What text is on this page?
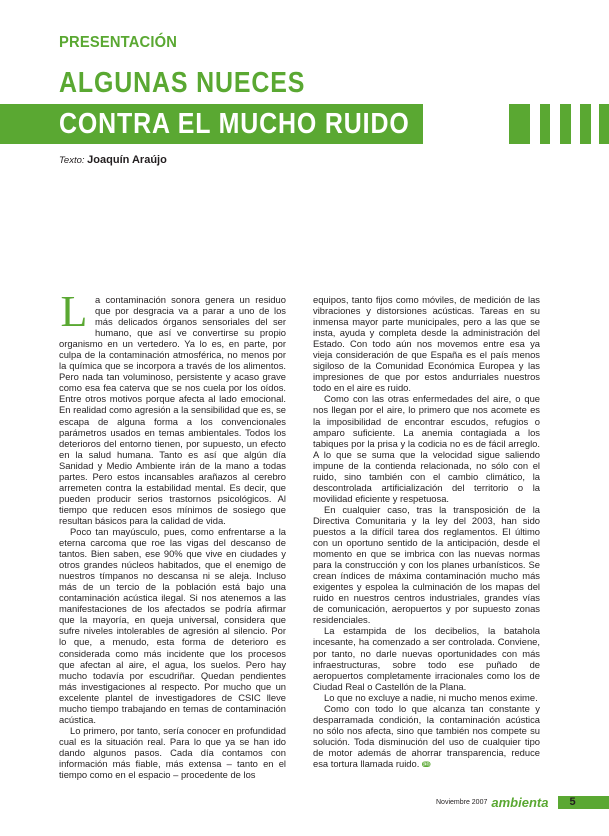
PRESENTACIÓN
ALGUNAS NUECES
CONTRA EL MUCHO RUIDO
Texto: Joaquín Araújo

La contaminación sonora genera un residuo que por desgracia va a parar a uno de los más delicados órganos sensoriales del ser humano, que así ve convertirse su propio organismo en un vertedero. Ya lo es, en parte, por culpa de la contaminación atmosférica, no menos por la química que se incorpora a través de los alimentos. Pero nada tan voluminoso, persistente y acaso grave como esa fea caterva que se nos cuela por los oídos. Entre otros motivos porque afecta al lado emocional. En realidad como agresión a la sensibilidad que es, se escapa de alguna forma a los convencionales parámetros usados en temas ambientales. Todos los deterioros del entorno tienen, por supuesto, un efecto en la salud humana. Tanto es así que algún día Sanidad y Medio Ambiente irán de la mano a todas partes. Pero estos incansables arañazos al cerebro arremeten contra la estabilidad mental. Es decir, que pueden producir serios trastornos psicológicos. Al tiempo que reducen esos mínimos de sosiego que resultan básicos para la calidad de vida.

Poco tan mayúsculo, pues, como enfrentarse a la eterna carcoma que roe las vigas del descanso de tantos. Bien saben, ese 90% que vive en ciudades y otros grandes núcleos habitados, que el enemigo de nuestros tímpanos no descansa ni se aleja. Incluso más de un tercio de la población está bajo una contaminación acústica ilegal. Si nos atenemos a las manifestaciones de los afectados se podría afirmar que la mayoría, en queja universal, considera que sufre niveles intolerables de agresión al silencio. Por lo que, a menudo, esta forma de deterioro es considerada como más incidente que los procesos que afectan al aire, el agua, los suelos. Pero hay mucho todavía por escudriñar. Quedan pendientes más investigaciones al respecto. Por mucho que un excelente plantel de investigadores de CSIC lleve mucho tiempo trabajando en temas de contaminación acústica.

Lo primero, por tanto, sería conocer en profundidad cual es la situación real. Para lo que ya se han ido dando algunos pasos. Cada día contamos con información más fiable, más extensa – tanto en el tiempo como en el espacio – procedente de los

equipos, tanto fijos como móviles, de medición de las vibraciones y distorsiones acústicas. Tareas en su inmensa mayor parte municipales, pero a las que se insta, ayuda y completa desde la administración del Estado. Con todo aún nos movemos entre esa ya vieja consideración de que España es el país menos sigiloso de la Comunidad Económica Europea y las impresiones de que por estos andurriales nuestros todo en el aire es ruido.

Como con las otras enfermedades del aire, o que nos llegan por el aire, lo primero que nos acomete es la imposibilidad de encontrar escudos, refugios o amparo suficiente. La anemia contagiada a los tabiques por la prisa y la codicia no es de fácil arreglo. A lo que se suma que la velocidad sigue saliendo impune de la contienda relacionada, no sólo con el ruido, sino también con el cambio climático, la descontrolada artificialización del territorio o la movilidad eficiente y respetuosa.

En cualquier caso, tras la transposición de la Directiva Comunitaria y la ley del 2003, han sido puestos a la difícil tarea dos reglamentos. El último con un oportuno sentido de la anticipación, desde el momento en que se imbrica con las nuevas normas para la construcción y con los planes urbanísticos. Se crean índices de máxima contaminación mucho más exigentes y espolea la culminación de los mapas del ruido en nuestros centros industriales, grandes vías de comunicación, aeropuertos y por supuesto zonas residenciales.

La estampida de los decibelios, la batahola incesante, ha comenzado a ser controlada. Conviene, por tanto, no darle nuevas oportunidades con más infraestructuras, sobre todo ese puñado de aeropuertos completamente irracionales como los de Ciudad Real o Castellón de la Plana.

Lo que no excluye a nadie, ni mucho menos exime.

Como con todo lo que alcanza tan constante y desparramada condición, la contaminación acústica no sólo nos afecta, sino que también nos compete su solución. Toda disminución del uso de cualquier tipo de motor además de ahorrar transparencia, reduce esa tortura llamada ruido. ↈ

Noviembre 2007 ambienta	5
